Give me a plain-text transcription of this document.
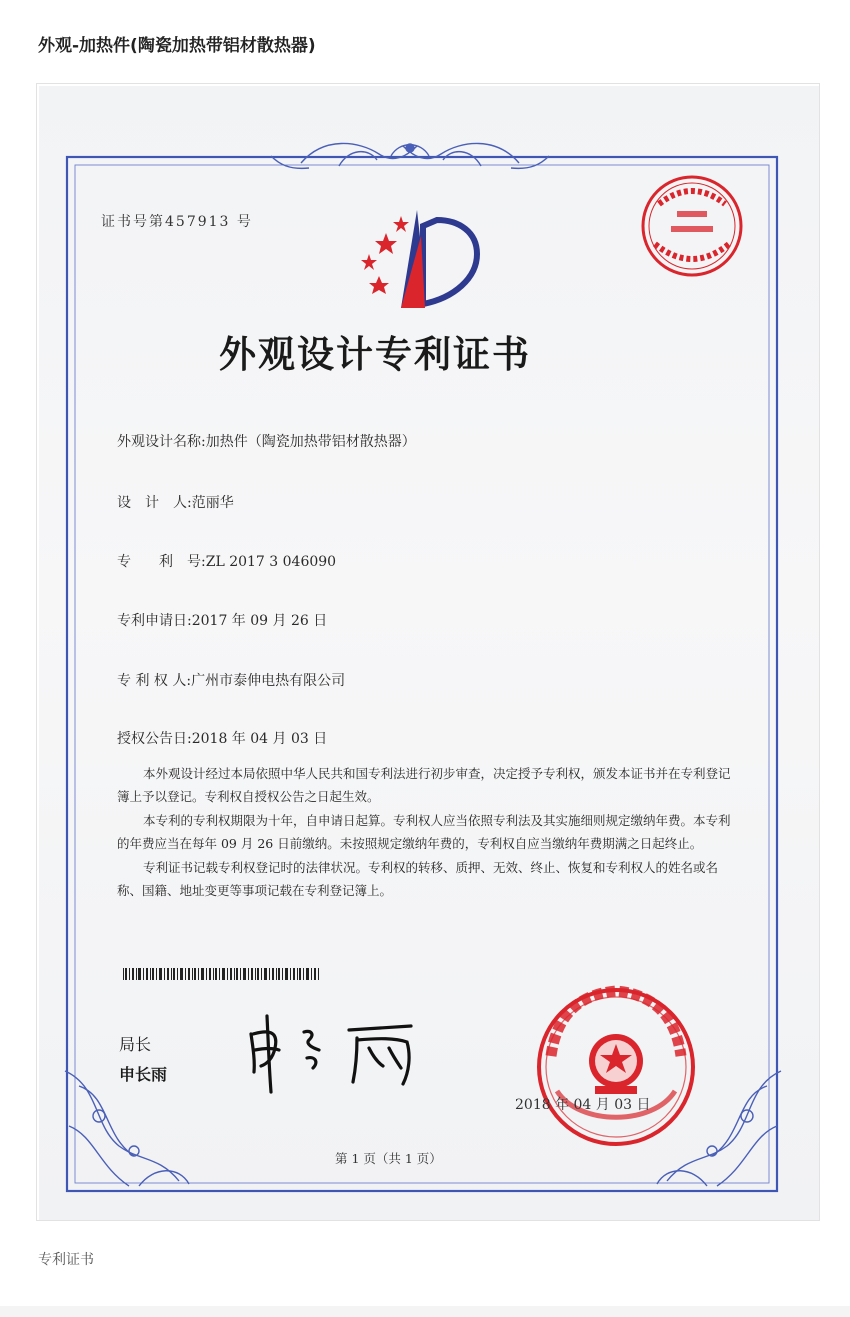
外观-加热件(陶瓷加热带铝材散热器)
证书号第457913 号
外观设计专利证书
外观设计名称:加热件（陶瓷加热带铝材散热器）
设　计　人:范丽华
专　　利　号:ZL 2017 3 046090
专利申请日:2017 年 09 月 26 日
专 利 权 人:广州市泰伸电热有限公司
授权公告日:2018 年 04 月 03 日

本外观设计经过本局依照中华人民共和国专利法进行初步审查，决定授予专利权，颁发本证书并在专利登记簿上予以登记。专利权自授权公告之日起生效。

本专利的专利权期限为十年，自申请日起算。专利权人应当依照专利法及其实施细则规定缴纳年费。本专利的年费应当在每年 09 月 26 日前缴纳。未按照规定缴纳年费的，专利权自应当缴纳年费期满之日起终止。

专利证书记载专利权登记时的法律状况。专利权的转移、质押、无效、终止、恢复和专利权人的姓名或名称、国籍、地址变更等事项记载在专利登记簿上。

局长
申长雨
2018 年 04 月 03 日
第 1 页（共 1 页）
专利证书
